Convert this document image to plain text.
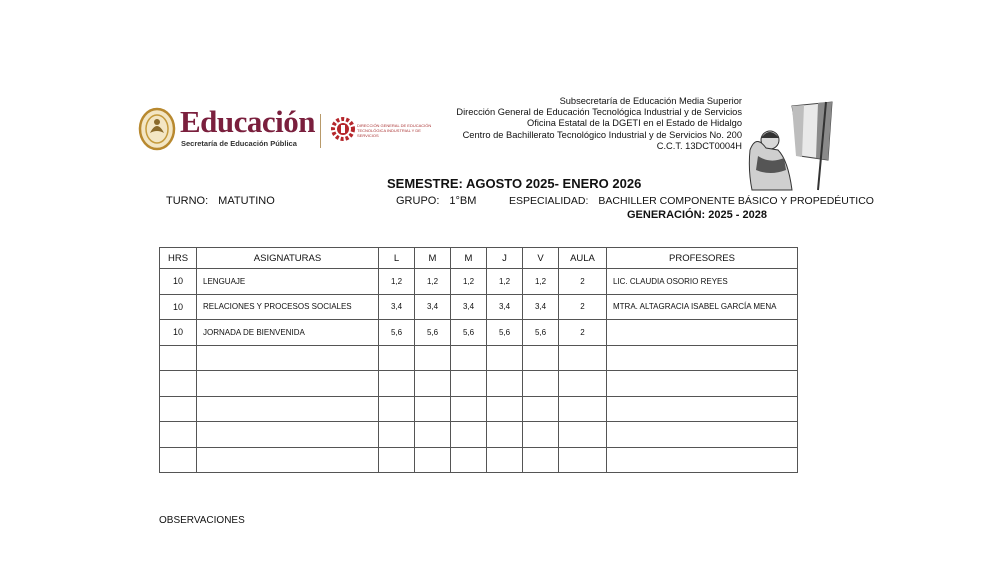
Educación
Secretaría de Educación Pública
DIRECCIÓN GENERAL DE EDUCACIÓN TECNOLÓGICA INDUSTRIAL Y DE SERVICIOS
Subsecretaría de Educación Media Superior
Dirección General de Educación Tecnológica Industrial y de Servicios
Oficina Estatal de la DGETI en el Estado de Hidalgo
Centro de Bachillerato Tecnológico Industrial y de Servicios No. 200
C.C.T. 13DCT0004H
SEMESTRE: AGOSTO 2025- ENERO 2026
TURNO: MATUTINO	GRUPO: 1°BM	ESPECIALIDAD: BACHILLER COMPONENTE BÁSICO Y PROPEDÉUTICO
GENERACIÓN: 2025 - 2028
HRS	ASIGNATURAS	L	M	M	J	V	AULA	PROFESORES
10	LENGUAJE	1,2	1,2	1,2	1,2	1,2	2	LIC. CLAUDIA OSORIO REYES
10	RELACIONES Y PROCESOS SOCIALES	3,4	3,4	3,4	3,4	3,4	2	MTRA. ALTAGRACIA ISABEL GARCÍA MENA
10	JORNADA DE BIENVENIDA	5,6	5,6	5,6	5,6	5,6	2	

OBSERVACIONES
